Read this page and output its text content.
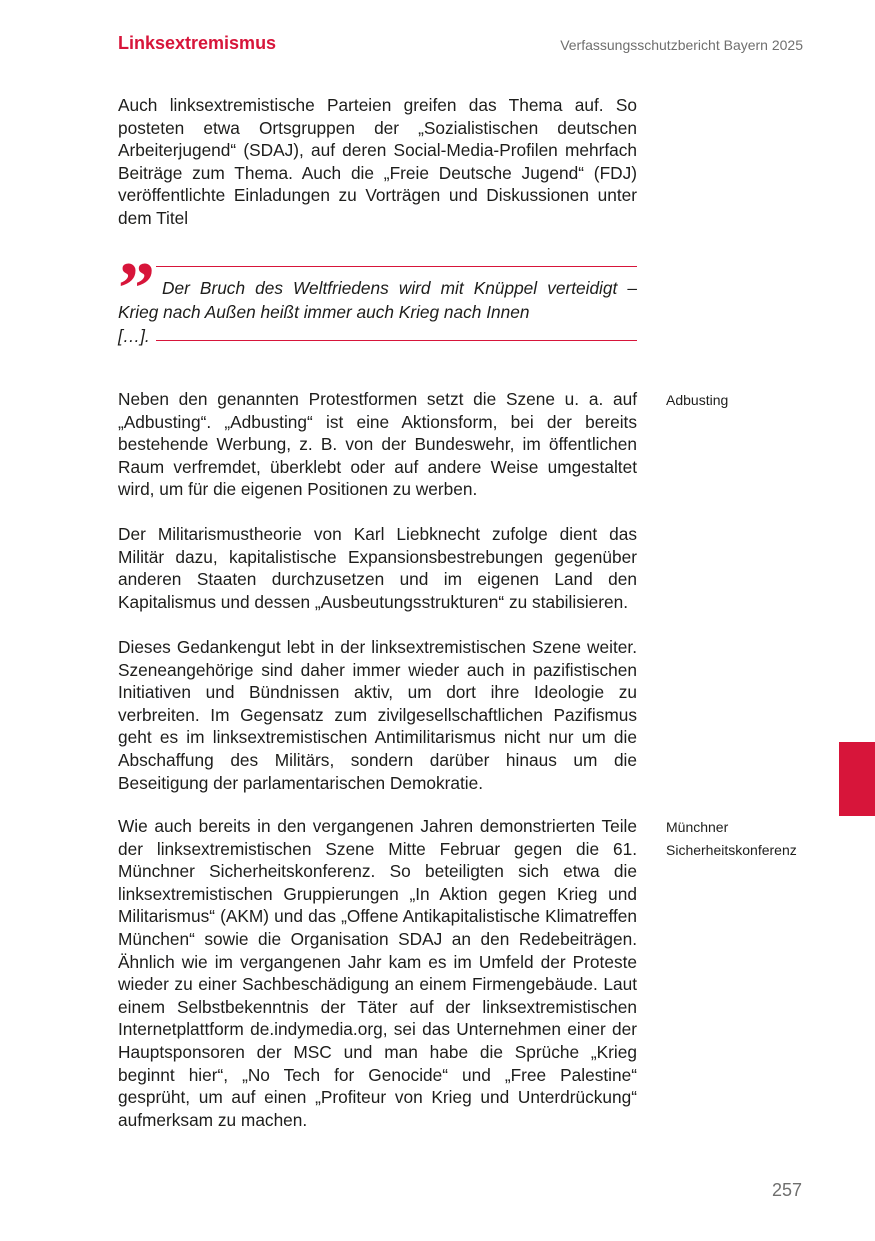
Linksextremismus	Verfassungsschutzbericht Bayern 2025

Auch linksextremistische Parteien greifen das Thema auf. So posteten etwa Ortsgruppen der „Sozialistischen deutschen Arbeiterjugend“ (SDAJ), auf deren Social-Media-Profilen mehrfach Beiträge zum Thema. Auch die „Freie Deutsche Jugend“ (FDJ) veröffentlichte Einladungen zu Vorträgen und Diskussionen unter dem Titel

” Der Bruch des Weltfriedens wird mit Knüppel verteidigt – Krieg nach Außen heißt immer auch Krieg nach Innen

[…].

Neben den genannten Protestformen setzt die Szene u. a. auf „Adbusting“. „Adbusting“ ist eine Aktionsform, bei der bereits bestehende Werbung, z. B. von der Bundeswehr, im öffentlichen Raum verfremdet, überklebt oder auf andere Weise umgestaltet wird, um für die eigenen Positionen zu werben.

Adbusting

Der Militarismustheorie von Karl Liebknecht zufolge dient das Militär dazu, kapitalistische Expansionsbestrebungen gegenüber anderen Staaten durchzusetzen und im eigenen Land den Kapitalismus und dessen „Ausbeutungsstrukturen“ zu stabilisieren.

Dieses Gedankengut lebt in der linksextremistischen Szene weiter. Szeneangehörige sind daher immer wieder auch in pazifistischen Initiativen und Bündnissen aktiv, um dort ihre Ideologie zu verbreiten. Im Gegensatz zum zivilgesellschaftlichen Pazifismus geht es im linksextremistischen Antimilitarismus nicht nur um die Abschaffung des Militärs, sondern darüber hinaus um die Beseitigung der parlamentarischen Demokratie.

Wie auch bereits in den vergangenen Jahren demonstrierten Teile der linksextremistischen Szene Mitte Februar gegen die 61. Münchner Sicherheitskonferenz. So beteiligten sich etwa die linksextremistischen Gruppierungen „In Aktion gegen Krieg und Militarismus“ (AKM) und das „Offene Antikapitalistische Klimatreffen München“ sowie die Organisation SDAJ an den Redebeiträgen. Ähnlich wie im vergangenen Jahr kam es im Umfeld der Proteste wieder zu einer Sachbeschädigung an einem Firmengebäude. Laut einem Selbstbekenntnis der Täter auf der linksextremistischen Internetplattform de.indymedia.org, sei das Unternehmen einer der Hauptsponsoren der MSC und man habe die Sprüche „Krieg beginnt hier“, „No Tech for Genocide“ und „Free Palestine“ gesprüht, um auf einen „Profiteur von Krieg und Unterdrückung“ aufmerksam zu machen.

Münchner
Sicherheitskonferenz
257
